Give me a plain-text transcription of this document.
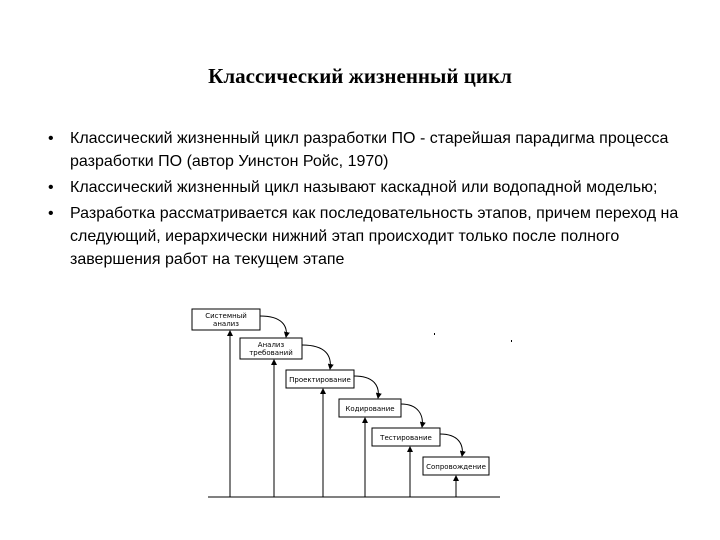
Классический жизненный цикл
• Классический жизненный цикл разработки ПО - старейшая парадигма процесса разработки ПО (автор Уинстон Ройс, 1970)
• Классический жизненный цикл называют каскадной или водопадной моделью;
• Разработка рассматривается как последовательность этапов, причем переход на следующий, иерархически нижний этап происходит только после полного завершения работ на текущем этапе
Системный
анализ
Анализ
требований
Проектирование
Кодирование
Тестирование
Сопровождение
